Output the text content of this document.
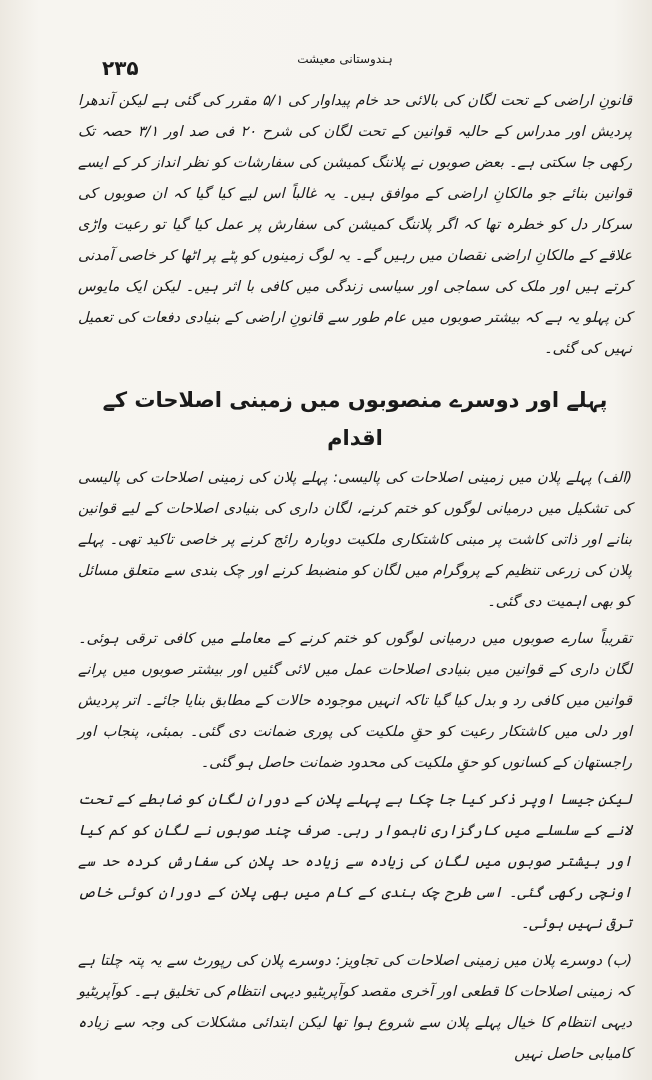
۲۳۵	ہندوستانی معیشت

قانونِ اراضی کے تحت لگان کی بالائی حد خام پیداوار کی ۵/۱ مقرر کی گئی ہے لیکن آندھرا پردیش اور مدراس کے حالیہ قوانین کے تحت لگان کی شرح ۲۰ فی صد اور ۳/۱ حصہ تک رکھی جا سکتی ہے۔ بعض صوبوں نے پلاننگ کمیشن کی سفارشات کو نظر انداز کر کے ایسے قوانین بنائے جو مالکانِ اراضی کے موافق ہیں۔ یہ غالباً اس لیے کیا گیا کہ ان صوبوں کی سرکار دل کو خطرہ تھا کہ اگر پلاننگ کمیشن کی سفارش پر عمل کیا گیا تو رعیت واڑی علاقے کے مالکانِ اراضی نقصان میں رہیں گے۔ یہ لوگ زمینوں کو پٹے پر اٹھا کر خاصی آمدنی کرتے ہیں اور ملک کی سماجی اور سیاسی زندگی میں کافی با اثر ہیں۔ لیکن ایک مایوس کن پہلو یہ ہے کہ بیشتر صوبوں میں عام طور سے قانونِ اراضی کے بنیادی دفعات کی تعمیل نہیں کی گئی۔

پہلے اور دوسرے منصوبوں میں زمینی اصلاحات کے اقدام

(الف) پہلے پلان میں زمینی اصلاحات کی پالیسی: پہلے پلان کی زمینی اصلاحات کی پالیسی کی تشکیل میں درمیانی لوگوں کو ختم کرنے، لگان داری کی بنیادی اصلاحات کے لیے قوانین بنانے اور ذاتی کاشت پر مبنی کاشتکاری ملکیت دوبارہ رائج کرنے پر خاصی تاکید تھی۔ پہلے پلان کی زرعی تنظیم کے پروگرام میں لگان کو منضبط کرنے اور چک بندی سے متعلق مسائل کو بھی اہمیت دی گئی۔

تقریباً سارے صوبوں میں درمیانی لوگوں کو ختم کرنے کے معاملے میں کافی ترقی ہوئی۔ لگان داری کے قوانین میں بنیادی اصلاحات عمل میں لائی گئیں اور بیشتر صوبوں میں پرانے قوانین میں کافی رد و بدل کیا گیا تاکہ انہیں موجودہ حالات کے مطابق بنایا جائے۔ اتر پردیش اور دلی میں کاشتکار رعیت کو حقِ ملکیت کی پوری ضمانت دی گئی۔ بمبئی، پنجاب اور راجستھان کے کسانوں کو حقِ ملکیت کی محدود ضمانت حاصل ہو گئی۔

لیکن جیسا اوپر ذکر کیا جا چکا ہے پہلے پلان کے دوران لگان کو ضابطے کے تحت لانے کے سلسلے میں کارگزاری ناہموار رہی۔ صرف چند صوبوں نے لگان کو کم کیا اور بیشتر صوبوں میں لگان کی زیادہ سے زیادہ حد پلان کی سفارش کردہ حد سے اونچی رکھی گئی۔ اسی طرح چک بندی کے کام میں بھی پلان کے دوران کوئی خاص ترقی نہیں ہوئی۔

(ب) دوسرے پلان میں زمینی اصلاحات کی تجاویز: دوسرے پلان کی رپورٹ سے یہ پتہ چلتا ہے کہ زمینی اصلاحات کا قطعی اور آخری مقصد کوآپریٹیو دیہی انتظام کی تخلیق ہے۔ کوآپریٹیو دیہی انتظام کا خیال پہلے پلان سے شروع ہوا تھا لیکن ابتدائی مشکلات کی وجہ سے زیادہ کامیابی حاصل نہیں
